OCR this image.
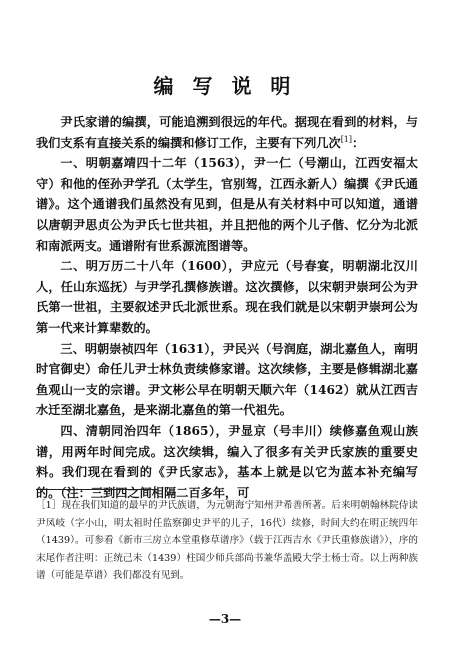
编 写 说 明

尹氏家谱的编撰，可能追溯到很远的年代。据现在看到的材料，与我们支系有直接关系的编撰和修订工作，主要有下列几次[1]：

一、明朝嘉靖四十二年（1563），尹一仁（号潮山，江西安福太守）和他的侄孙尹学孔（太学生，官别驾，江西永新人）编撰《尹氏通谱》。这个通谱我们虽然没有见到，但是从有关材料中可以知道，通谱以唐朝尹思贞公为尹氏七世共祖，并且把他的两个儿子偕、忆分为北派和南派两支。通谱附有世系源流图谱等。

二、明万历二十八年（1600），尹应元（号春宴，明朝湖北汉川人，任山东巡抚）与尹学孔撰修族谱。这次撰修，以宋朝尹崇珂公为尹氏第一世祖，主要叙述尹氏北派世系。现在我们就是以宋朝尹崇珂公为第一代来计算辈数的。

三、明朝崇祯四年（1631），尹民兴（号润庭，湖北嘉鱼人，南明时官御史）命任儿尹士林负责续修家谱。这次续修，主要是修辑湖北嘉鱼观山一支的宗谱。尹文彬公早在明朝天顺六年（1462）就从江西吉水迁至湖北嘉鱼，是来湖北嘉鱼的第一代祖先。

四、清朝同治四年（1865），尹显京（号丰川）续修嘉鱼观山族谱，用两年时间完成。这次续辑，编入了很多有关尹氏家族的重要史料。我们现在看到的《尹氏家志》，基本上就是以它为蓝本补充编写的。（注：三到四之间相隔二百多年，可

［1］现在我们知道的最早的尹氏族谱，为元朝海宁知州尹希善所著。后来明朝翰林院侍读尹凤岐（字小山，明太祖时任监察御史尹平的儿子，16代）续修，时间大约在明正统四年（1439）。可参看《新市三房立本堂重修草谱序》（载于江西吉水《尹氏重修族谱》），序的末尾作者注明：正统己未（1439）柱国少师兵部尚书兼华盖殿大学士杨士奇。以上两种族谱（可能是草谱）我们都没有见到。
—3—
